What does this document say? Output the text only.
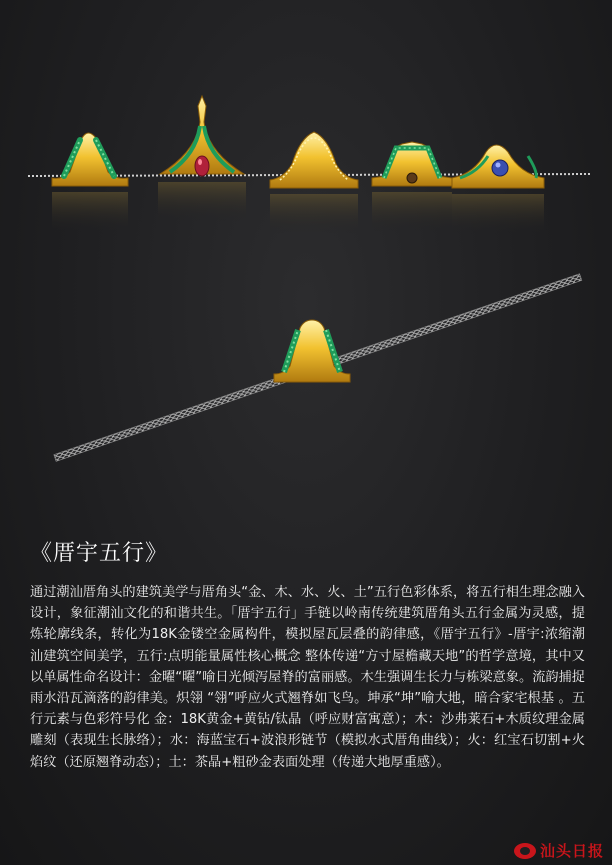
《厝宇五行》
通过潮汕厝角头的建筑美学与厝角头“金、木、水、火、土”五行色彩体系，将五行相生理念融入设计，象征潮汕文化的和谐共生。「厝宇五行」手链以岭南传统建筑厝角头五行金属为灵感，提炼轮廓线条，转化为18K金镂空金属构件，模拟屋瓦层叠的韵律感，《厝宇五行》-厝宇:浓缩潮汕建筑空间美学，五行:点明能量属性核心概念 整体传递“方寸屋檐藏天地”的哲学意境，其中又以单属性命名设计：金曜“曜”喻日光倾泻屋脊的富丽感。木生强调生长力与栋梁意象。流韵捕捉雨水沿瓦滴落的韵律美。炽翎 “翎”呼应火式翘脊如飞鸟。坤承“坤”喻大地，暗合家宅根基 。五行元素与色彩符号化 金：18K黄金+黄钻/钛晶（呼应财富寓意）；木：沙弗莱石+木质纹理金属雕刻（表现生长脉络）；水：海蓝宝石+波浪形链节（模拟水式厝角曲线）；火：红宝石切割+火焰纹（还原翘脊动态）；土：茶晶+粗砂金表面处理（传递大地厚重感）。
汕头日报
